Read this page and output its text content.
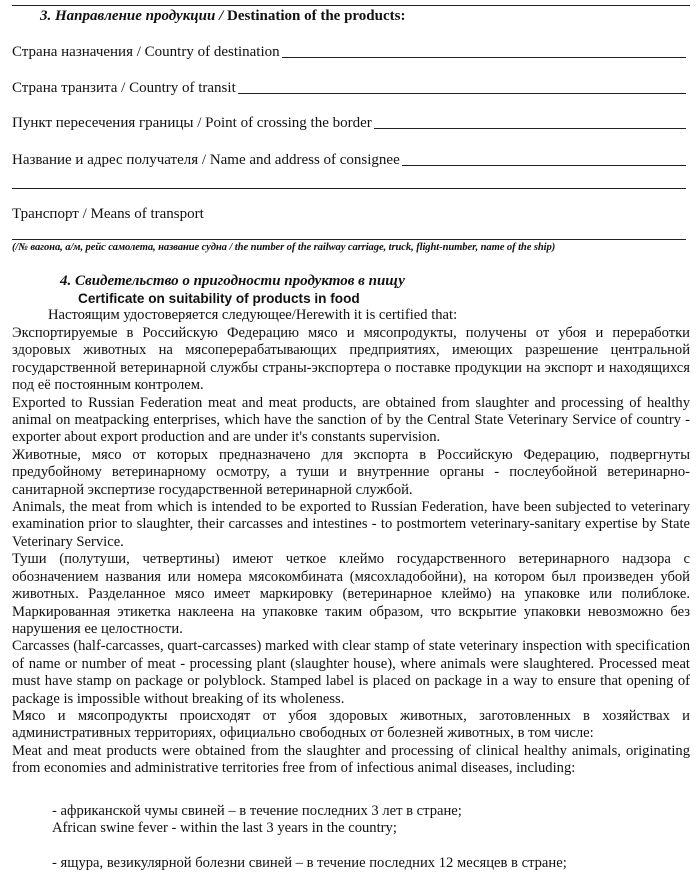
3. Направление продукции / Destination of the products:
Страна назначения / Country of destination
Страна транзита / Country of transit
Пункт пересечения границы / Point of crossing the border
Название и адрес получателя / Name and address of consignee
Транспорт / Means of transport
(/№ вагона, а/м, рейс самолета, название судна / the number of the railway carriage, truck, flight-number, name of the ship)
4. Свидетельство о пригодности продуктов в пищу
Certificate on suitability of products in food
Настоящим удостоверяется следующее/Herewith it is certified that:

Экспортируемые в Российскую Федерацию мясо и мясопродукты, получены от убоя и переработки здоровых животных на мясоперерабатывающих предприятиях, имеющих разрешение центральной государственной ветеринарной службы страны-экспортера о поставке продукции на экспорт и находящихся под её постоянным контролем.

Exported to Russian Federation meat and meat products, are obtained from slaughter and processing of healthy animal on meatpacking enterprises, which have the sanction of by the Central State Veterinary Service of country - exporter about export production and are under it's constants supervision.

Животные, мясо от которых предназначено для экспорта в Российскую Федерацию, подвергнуты предубойному ветеринарному осмотру, а туши и внутренние органы - послеубойной ветеринарно-санитарной экспертизе государственной ветеринарной службой.

Animals, the meat from which is intended to be exported to Russian Federation, have been subjected to veterinary examination prior to slaughter, their carcasses and intestines - to postmortem veterinary-sanitary expertise by State Veterinary Service.

Туши (полутуши, четвертины) имеют четкое клеймо государственного ветеринарного надзора с обозначением названия или номера мясокомбината (мясохладобойни), на котором был произведен убой животных. Разделанное мясо имеет маркировку (ветеринарное клеймо) на упаковке или полиблоке. Маркированная этикетка наклеена на упаковке таким образом, что вскрытие упаковки невозможно без нарушения ее целостности.

Carcasses (half-carcasses, quart-carcasses) marked with clear stamp of state veterinary inspection with specification of name or number of meat - processing plant (slaughter house), where animals were slaughtered. Processed meat must have stamp on package or polyblock. Stamped label is placed on package in a way to ensure that opening of package is impossible without breaking of its wholeness.

Мясо и мясопродукты происходят от убоя здоровых животных, заготовленных в хозяйствах и административных территориях, официально свободных от болезней животных, в том числе:

Meat and meat products were obtained from the slaughter and processing of clinical healthy animals, originating from economies and administrative territories free from of infectious animal diseases, including:

- африканской чумы свиней – в течение последних 3 лет в стране;
African swine fever - within the last 3 years in the country;
- ящура, везикулярной болезни свиней – в течение последних 12 месяцев в стране;
